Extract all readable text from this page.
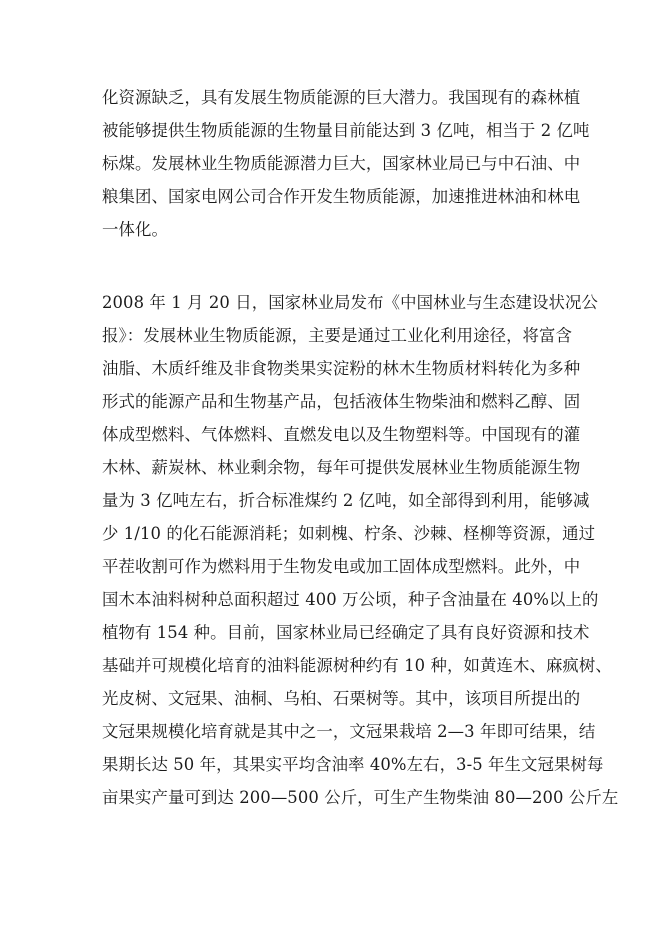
化资源缺乏，具有发展生物质能源的巨大潜力。我国现有的森林植
被能够提供生物质能源的生物量目前能达到 3 亿吨，相当于 2 亿吨
标煤。发展林业生物质能源潜力巨大，国家林业局已与中石油、中
粮集团、国家电网公司合作开发生物质能源，加速推进林油和林电
一体化。
2008 年 1 月 20 日，国家林业局发布《中国林业与生态建设状况公
报》：发展林业生物质能源，主要是通过工业化利用途径，将富含
油脂、木质纤维及非食物类果实淀粉的林木生物质材料转化为多种
形式的能源产品和生物基产品，包括液体生物柴油和燃料乙醇、固
体成型燃料、气体燃料、直燃发电以及生物塑料等。中国现有的灌
木林、薪炭林、林业剩余物，每年可提供发展林业生物质能源生物
量为 3 亿吨左右，折合标准煤约 2 亿吨，如全部得到利用，能够减
少 1/10 的化石能源消耗；如刺槐、柠条、沙棘、柽柳等资源，通过
平茬收割可作为燃料用于生物发电或加工固体成型燃料。此外，中
国木本油料树种总面积超过 400 万公顷，种子含油量在 40%以上的
植物有 154 种。目前，国家林业局已经确定了具有良好资源和技术
基础并可规模化培育的油料能源树种约有 10 种，如黄连木、麻疯树、
光皮树、文冠果、油桐、乌桕、石栗树等。其中，该项目所提出的
文冠果规模化培育就是其中之一，文冠果栽培 2—3 年即可结果，结
果期长达 50 年，其果实平均含油率 40%左右，3-5 年生文冠果树每
亩果实产量可到达 200—500 公斤，可生产生物柴油 80—200 公斤左
